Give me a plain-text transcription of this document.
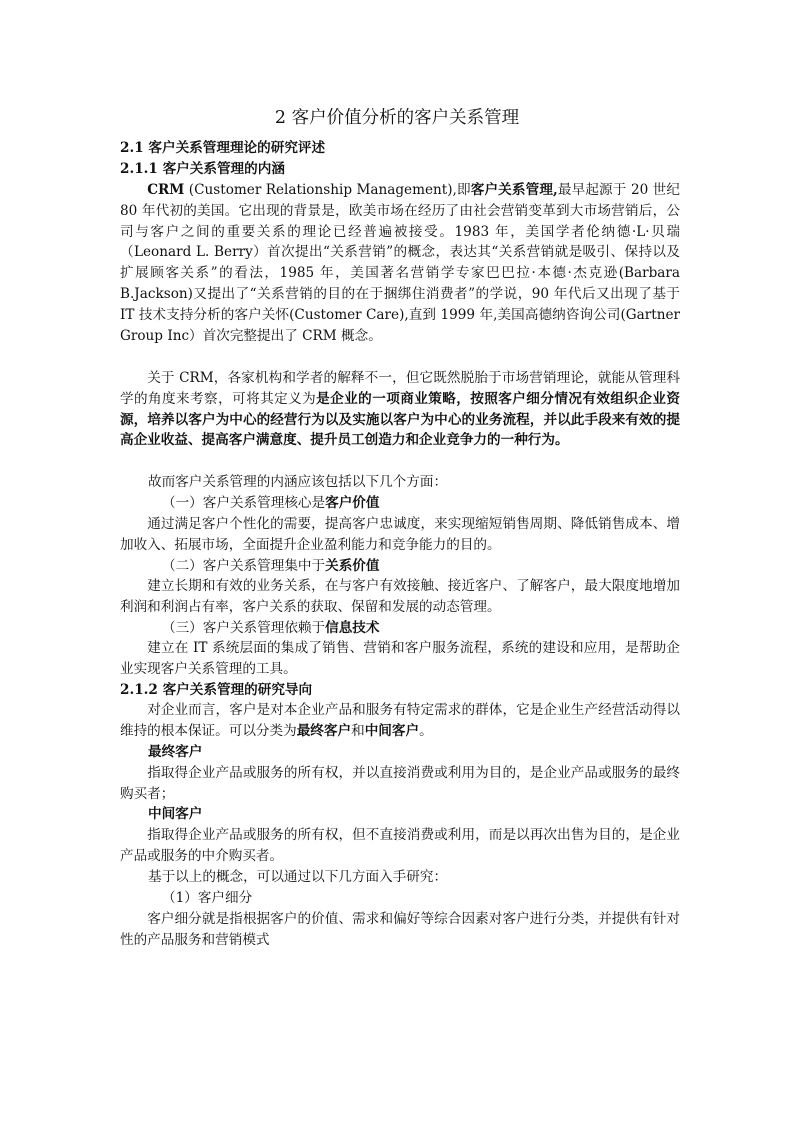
2 客户价值分析的客户关系管理
2.1 客户关系管理理论的研究评述
2.1.1 客户关系管理的内涵

CRM (Customer Relationship Management),即客户关系管理,最早起源于 20 世纪 80 年代初的美国。它出现的背景是，欧美市场在经历了由社会营销变革到大市场营销后，公司与客户之间的重要关系的理论已经普遍被接受。1983 年，美国学者伦纳德·L·贝瑞（Leonard L. Berry）首次提出“关系营销”的概念，表达其“关系营销就是吸引、保持以及扩展顾客关系”的看法，1985 年，美国著名营销学专家巴巴拉·本德·杰克逊(Barbara B.Jackson)又提出了“关系营销的目的在于捆绑住消费者”的学说，90 年代后又出现了基于 IT 技术支持分析的客户关怀(Customer Care),直到 1999 年,美国高德纳咨询公司(Gartner Group Inc）首次完整提出了 CRM 概念。

关于 CRM，各家机构和学者的解释不一，但它既然脱胎于市场营销理论，就能从管理科学的角度来考察，可将其定义为是企业的一项商业策略，按照客户细分情况有效组织企业资源，培养以客户为中心的经营行为以及实施以客户为中心的业务流程，并以此手段来有效的提高企业收益、提高客户满意度、提升员工创造力和企业竞争力的一种行为。

故而客户关系管理的内涵应该包括以下几个方面：
（一）客户关系管理核心是客户价值

通过满足客户个性化的需要，提高客户忠诚度，来实现缩短销售周期、降低销售成本、增加收入、拓展市场，全面提升企业盈利能力和竞争能力的目的。

（二）客户关系管理集中于关系价值

建立长期和有效的业务关系，在与客户有效接触、接近客户、了解客户，最大限度地增加利润和利润占有率，客户关系的获取、保留和发展的动态管理。

（三）客户关系管理依赖于信息技术

建立在 IT 系统层面的集成了销售、营销和客户服务流程，系统的建设和应用，是帮助企业实现客户关系管理的工具。

2.1.2 客户关系管理的研究导向

对企业而言，客户是对本企业产品和服务有特定需求的群体，它是企业生产经营活动得以维持的根本保证。可以分类为最终客户和中间客户。

最终客户

指取得企业产品或服务的所有权，并以直接消费或利用为目的，是企业产品或服务的最终购买者；

中间客户

指取得企业产品或服务的所有权，但不直接消费或利用，而是以再次出售为目的，是企业产品或服务的中介购买者。

基于以上的概念，可以通过以下几方面入手研究：
（1）客户细分

客户细分就是指根据客户的价值、需求和偏好等综合因素对客户进行分类，并提供有针对性的产品服务和营销模式
